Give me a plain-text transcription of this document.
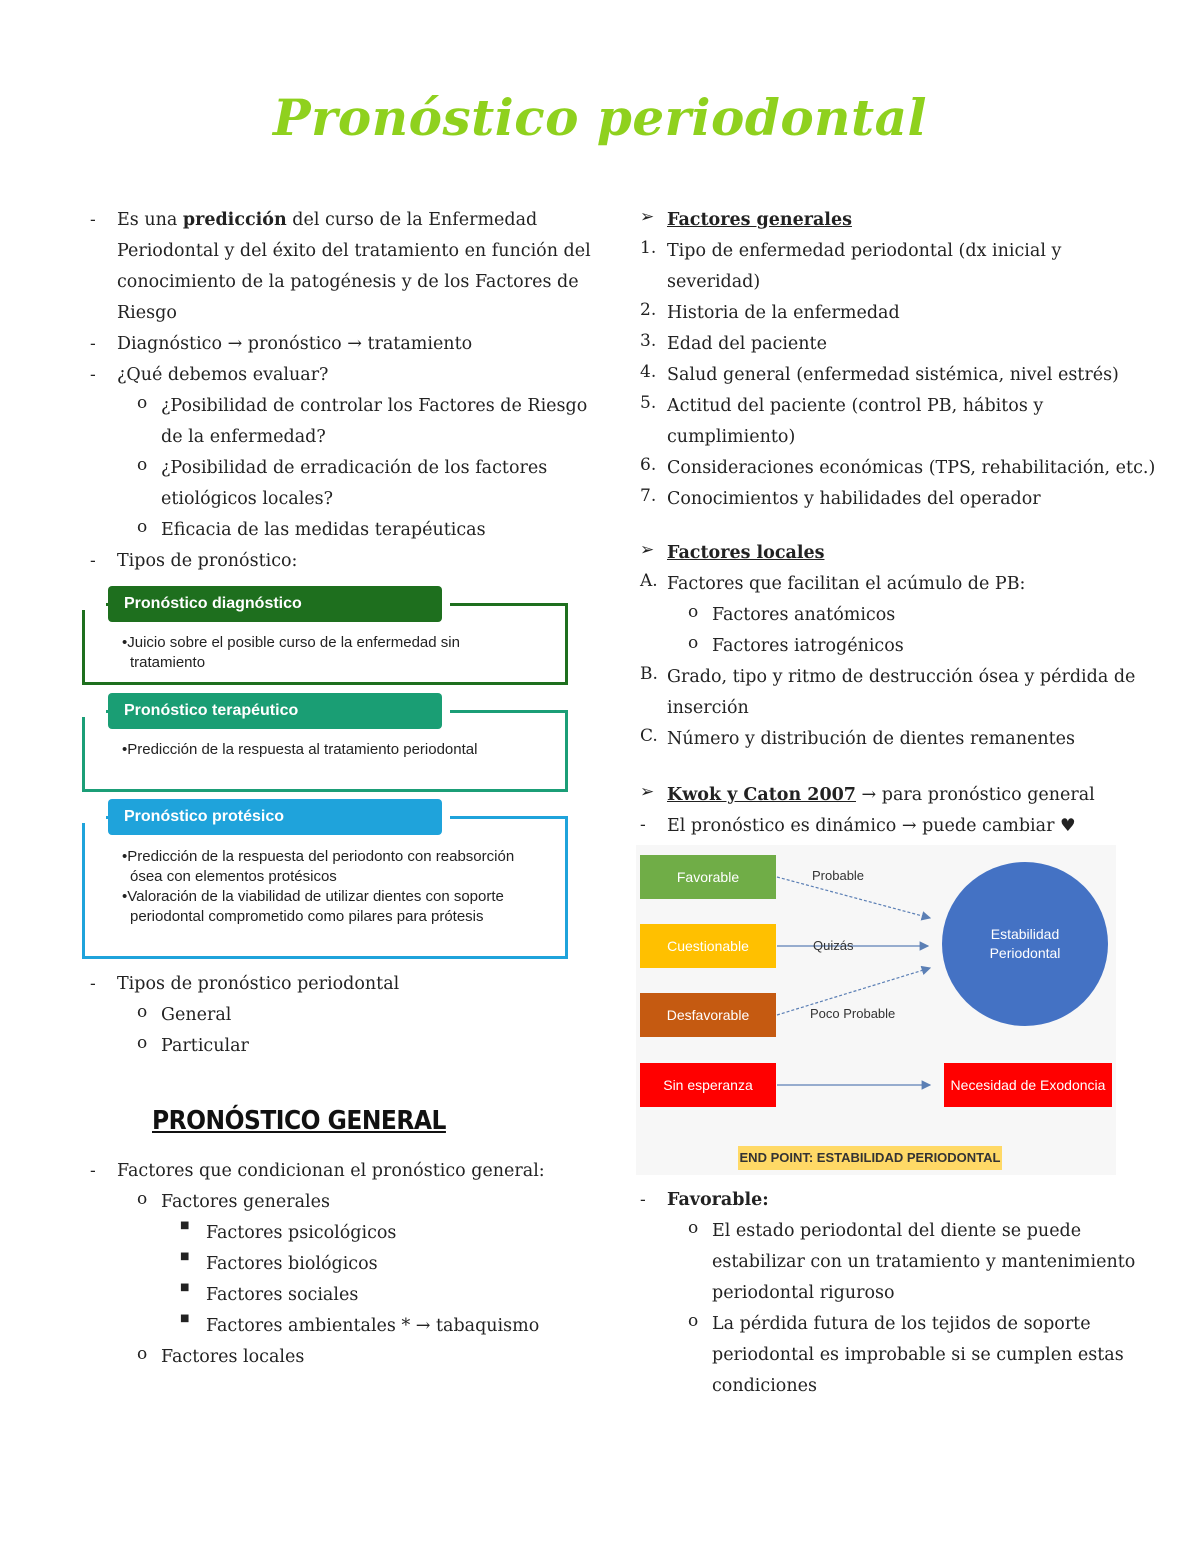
Pronóstico periodontal
- Es una predicción del curso de la Enfermedad
Periodontal y del éxito del tratamiento en función del
conocimiento de la patogénesis y de los Factores de
Riesgo
- Diagnóstico → pronóstico → tratamiento
- ¿Qué debemos evaluar?
o ¿Posibilidad de controlar los Factores de Riesgo
de la enfermedad?
o ¿Posibilidad de erradicación de los factores
etiológicos locales?
o Eficacia de las medidas terapéuticas
- Tipos de pronóstico:
Pronóstico diagnóstico
•Juicio sobre el posible curso de la enfermedad sin tratamiento
Pronóstico terapéutico
•Predicción de la respuesta al tratamiento periodontal
Pronóstico protésico
•Predicción de la respuesta del periodonto con reabsorción ósea con elementos protésicos
•Valoración de la viabilidad de utilizar dientes con soporte periodontal comprometido como pilares para prótesis
- Tipos de pronóstico periodontal
o General
o Particular
PRONÓSTICO GENERAL
- Factores que condicionan el pronóstico general:
o Factores generales
■ Factores psicológicos
■ Factores biológicos
■ Factores sociales
■ Factores ambientales * → tabaquismo
o Factores locales
➢ Factores generales
1. Tipo de enfermedad periodontal (dx inicial y
severidad)
2. Historia de la enfermedad
3. Edad del paciente
4. Salud general (enfermedad sistémica, nivel estrés)
5. Actitud del paciente (control PB, hábitos y
cumplimiento)
6. Consideraciones económicas (TPS, rehabilitación, etc.)
7. Conocimientos y habilidades del operador
➢ Factores locales
A. Factores que facilitan el acúmulo de PB:
o Factores anatómicos
o Factores iatrogénicos
B. Grado, tipo y ritmo de destrucción ósea y pérdida de
inserción
C. Número y distribución de dientes remanentes
➢ Kwok y Caton 2007 → para pronóstico general
- El pronóstico es dinámico → puede cambiar ♥
Favorable
Cuestionable
Desfavorable
Sin esperanza
Estabilidad Periodontal
Necesidad de Exodoncia
Probable
Quizás
Poco Probable
END POINT: ESTABILIDAD PERIODONTAL
- Favorable:
o El estado periodontal del diente se puede
estabilizar con un tratamiento y mantenimiento
periodontal riguroso
o La pérdida futura de los tejidos de soporte
periodontal es improbable si se cumplen estas
condiciones
